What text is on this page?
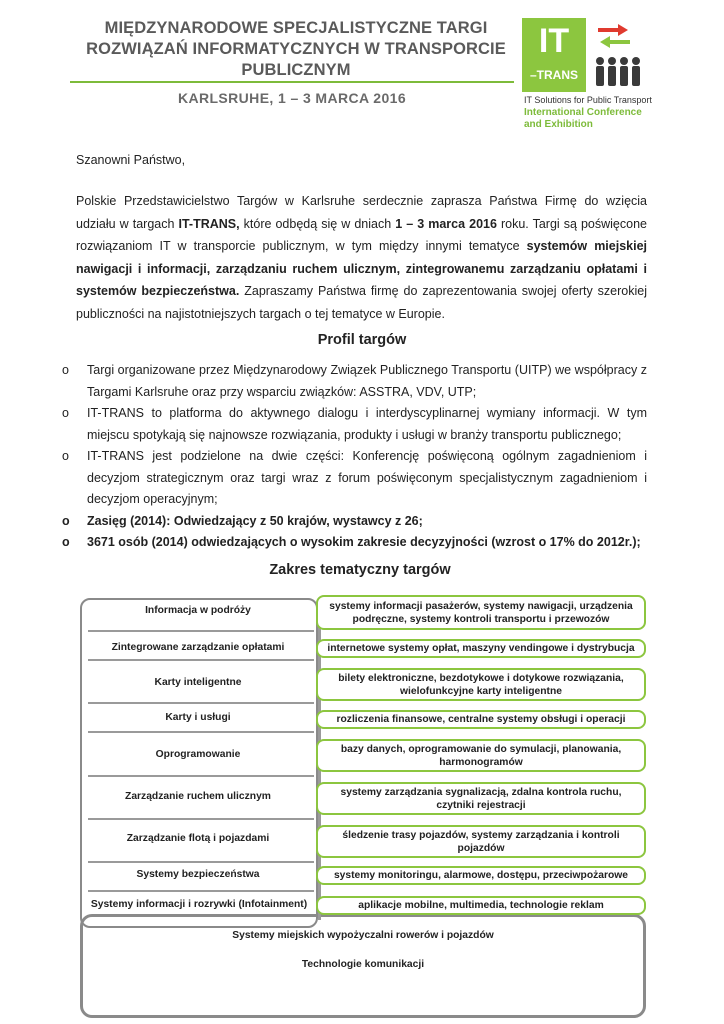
MIĘDZYNARODOWE SPECJALISTYCZNE TARGI
ROZWIĄZAŃ INFORMATYCZNYCH W TRANSPORCIE
PUBLICZNYM
KARLSRUHE, 1 – 3 MARCA 2016
IT
–TRANS
IT Solutions for Public Transport
International Conference
and Exhibition
Szanowni Państwo,
Polskie Przedstawicielstwo Targów w Karlsruhe serdecznie zaprasza Państwa Firmę do wzięcia udziału w targach IT-TRANS, które odbędą się w dniach 1 – 3 marca 2016 roku. Targi są poświęcone rozwiązaniom IT w transporcie publicznym, w tym między innymi tematyce systemów miejskiej nawigacji i informacji, zarządzaniu ruchem ulicznym, zintegrowanemu zarządzaniu opłatami i systemów bezpieczeństwa. Zapraszamy Państwa firmę do zaprezentowania swojej oferty szerokiej publiczności na najistotniejszych targach o tej tematyce w Europie.
Profil targów
o Targi organizowane przez Międzynarodowy Związek Publicznego Transportu (UITP) we współpracy z Targami Karlsruhe oraz przy wsparciu związków: ASSTRA, VDV, UTP;
o IT-TRANS to platforma do aktywnego dialogu i interdyscyplinarnej wymiany informacji. W tym miejscu spotykają się najnowsze rozwiązania, produkty i usługi w branży transportu publicznego;
o IT-TRANS jest podzielone na dwie części: Konferencję poświęconą ogólnym zagadnieniom i decyzjom strategicznym oraz targi wraz z forum poświęconym specjalistycznym zagadnieniom i decyzjom operacyjnym;
o Zasięg (2014): Odwiedzający z 50 krajów, wystawcy z 26;
o 3671 osób (2014) odwiedzających o wysokim zakresie decyzyjności (wzrost o 17% do 2012r.);
Zakres tematyczny targów
Informacja w podróży
Zintegrowane zarządzanie opłatami
Karty inteligentne
Karty i usługi
Oprogramowanie
Zarządzanie ruchem ulicznym
Zarządzanie flotą i pojazdami
Systemy bezpieczeństwa
Systemy informacji i rozrywki (Infotainment)
systemy informacji pasażerów, systemy nawigacji, urządzenia podręczne, systemy kontroli transportu i przewozów
internetowe systemy opłat, maszyny vendingowe i dystrybucja
bilety elektroniczne, bezdotykowe i dotykowe rozwiązania, wielofunkcyjne karty inteligentne
rozliczenia finansowe, centralne systemy obsługi i operacji
bazy danych, oprogramowanie do symulacji, planowania, harmonogramów
systemy zarządzania sygnalizacją, zdalna kontrola ruchu, czytniki rejestracji
śledzenie trasy pojazdów, systemy zarządzania i kontroli pojazdów
systemy monitoringu, alarmowe, dostępu, przeciwpożarowe
aplikacje mobilne, multimedia, technologie reklam
Systemy miejskich wypożyczalni rowerów i pojazdów
Technologie komunikacji
